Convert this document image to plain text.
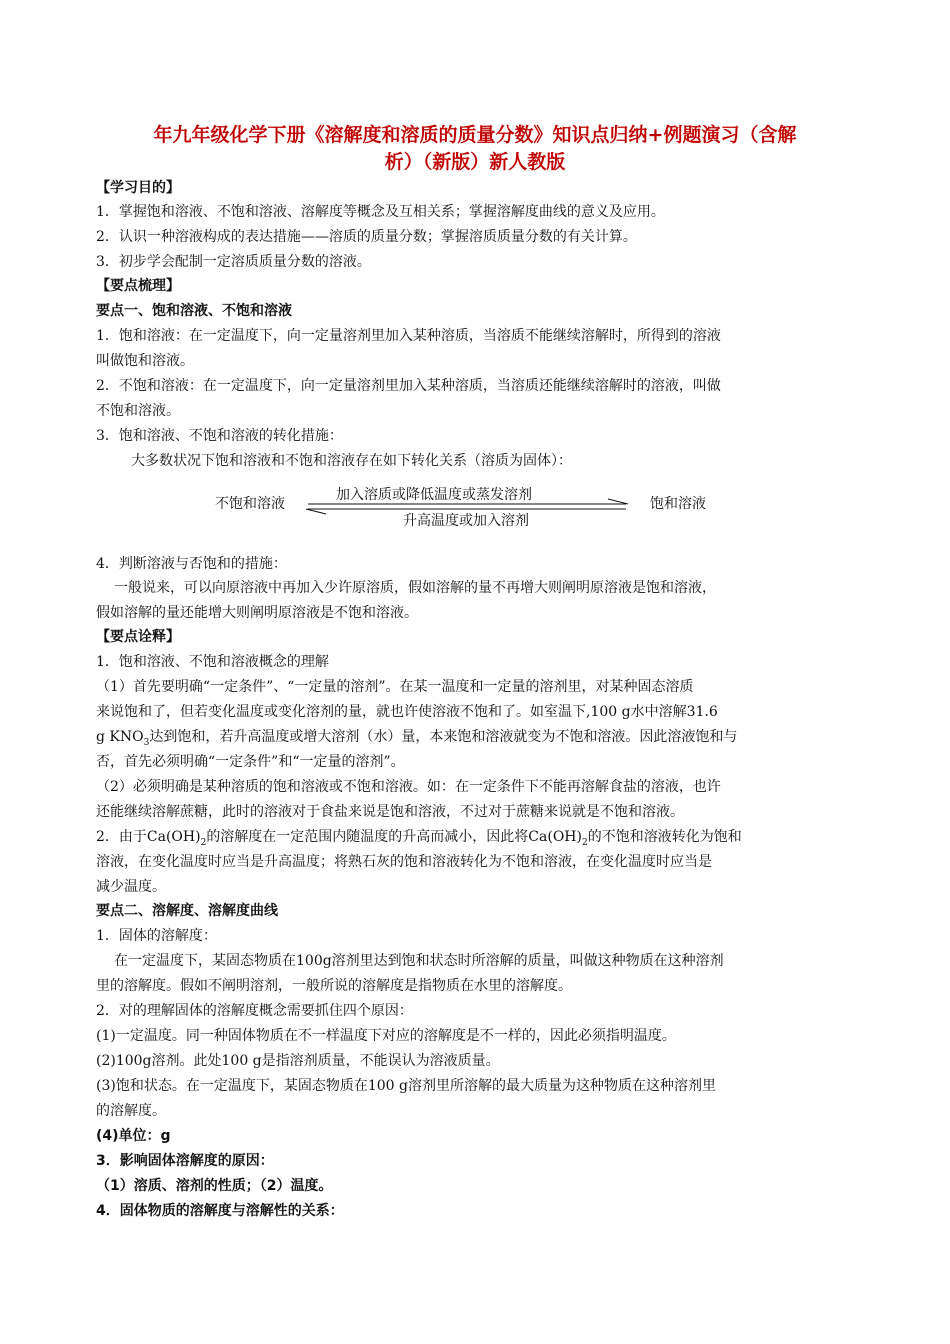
年九年级化学下册《溶解度和溶质的质量分数》知识点归纳+例题演习（含解
析）（新版）新人教版
【学习目的】
1．掌握饱和溶液、不饱和溶液、溶解度等概念及互相关系；掌握溶解度曲线的意义及应用。
2．认识一种溶液构成的表达措施——溶质的质量分数；掌握溶质质量分数的有关计算。
3．初步学会配制一定溶质质量分数的溶液。
【要点梳理】
要点一、饱和溶液、不饱和溶液
1．饱和溶液：在一定温度下，向一定量溶剂里加入某种溶质，当溶质不能继续溶解时，所得到的溶液
叫做饱和溶液。
2．不饱和溶液：在一定温度下，向一定量溶剂里加入某种溶质，当溶质还能继续溶解时的溶液，叫做
不饱和溶液。
3．饱和溶液、不饱和溶液的转化措施：
大多数状况下饱和溶液和不饱和溶液存在如下转化关系（溶质为固体）：
不饱和溶液
加入溶质或降低温度或蒸发溶剂
升高温度或加入溶剂
饱和溶液
4．判断溶液与否饱和的措施：
一般说来，可以向原溶液中再加入少许原溶质，假如溶解的量不再增大则阐明原溶液是饱和溶液，
假如溶解的量还能增大则阐明原溶液是不饱和溶液。
【要点诠释】
1．饱和溶液、不饱和溶液概念的理解
（1）首先要明确“一定条件”、“一定量的溶剂”。在某一温度和一定量的溶剂里，对某种固态溶质
来说饱和了，但若变化温度或变化溶剂的量，就也许使溶液不饱和了。如室温下,100 g水中溶解31.6
g $KNO_3$达到饱和，若升高温度或增大溶剂（水）量，本来饱和溶液就变为不饱和溶液。因此溶液饱和与
否，首先必须明确“一定条件”和“一定量的溶剂”。
（2）必须明确是某种溶质的饱和溶液或不饱和溶液。如：在一定条件下不能再溶解食盐的溶液，也许
还能继续溶解蔗糖，此时的溶液对于食盐来说是饱和溶液，不过对于蔗糖来说就是不饱和溶液。
2．由于$Ca(OH)_2$的溶解度在一定范围内随温度的升高而减小，因此将$Ca(OH)_2$的不饱和溶液转化为饱和
溶液，在变化温度时应当是升高温度；将熟石灰的饱和溶液转化为不饱和溶液，在变化温度时应当是
减少温度。
要点二、溶解度、溶解度曲线
1．固体的溶解度：
在一定温度下，某固态物质在100g溶剂里达到饱和状态时所溶解的质量，叫做这种物质在这种溶剂
里的溶解度。假如不阐明溶剂，一般所说的溶解度是指物质在水里的溶解度。
2．对的理解固体的溶解度概念需要抓住四个原因：
(1)一定温度。同一种固体物质在不一样温度下对应的溶解度是不一样的，因此必须指明温度。
(2)100g溶剂。此处100 g是指溶剂质量，不能误认为溶液质量。
(3)饱和状态。在一定温度下，某固态物质在100 g溶剂里所溶解的最大质量为这种物质在这种溶剂里
的溶解度。
(4)单位：g
3．影响固体溶解度的原因：
（1）溶质、溶剂的性质；（2）温度。
4．固体物质的溶解度与溶解性的关系：
